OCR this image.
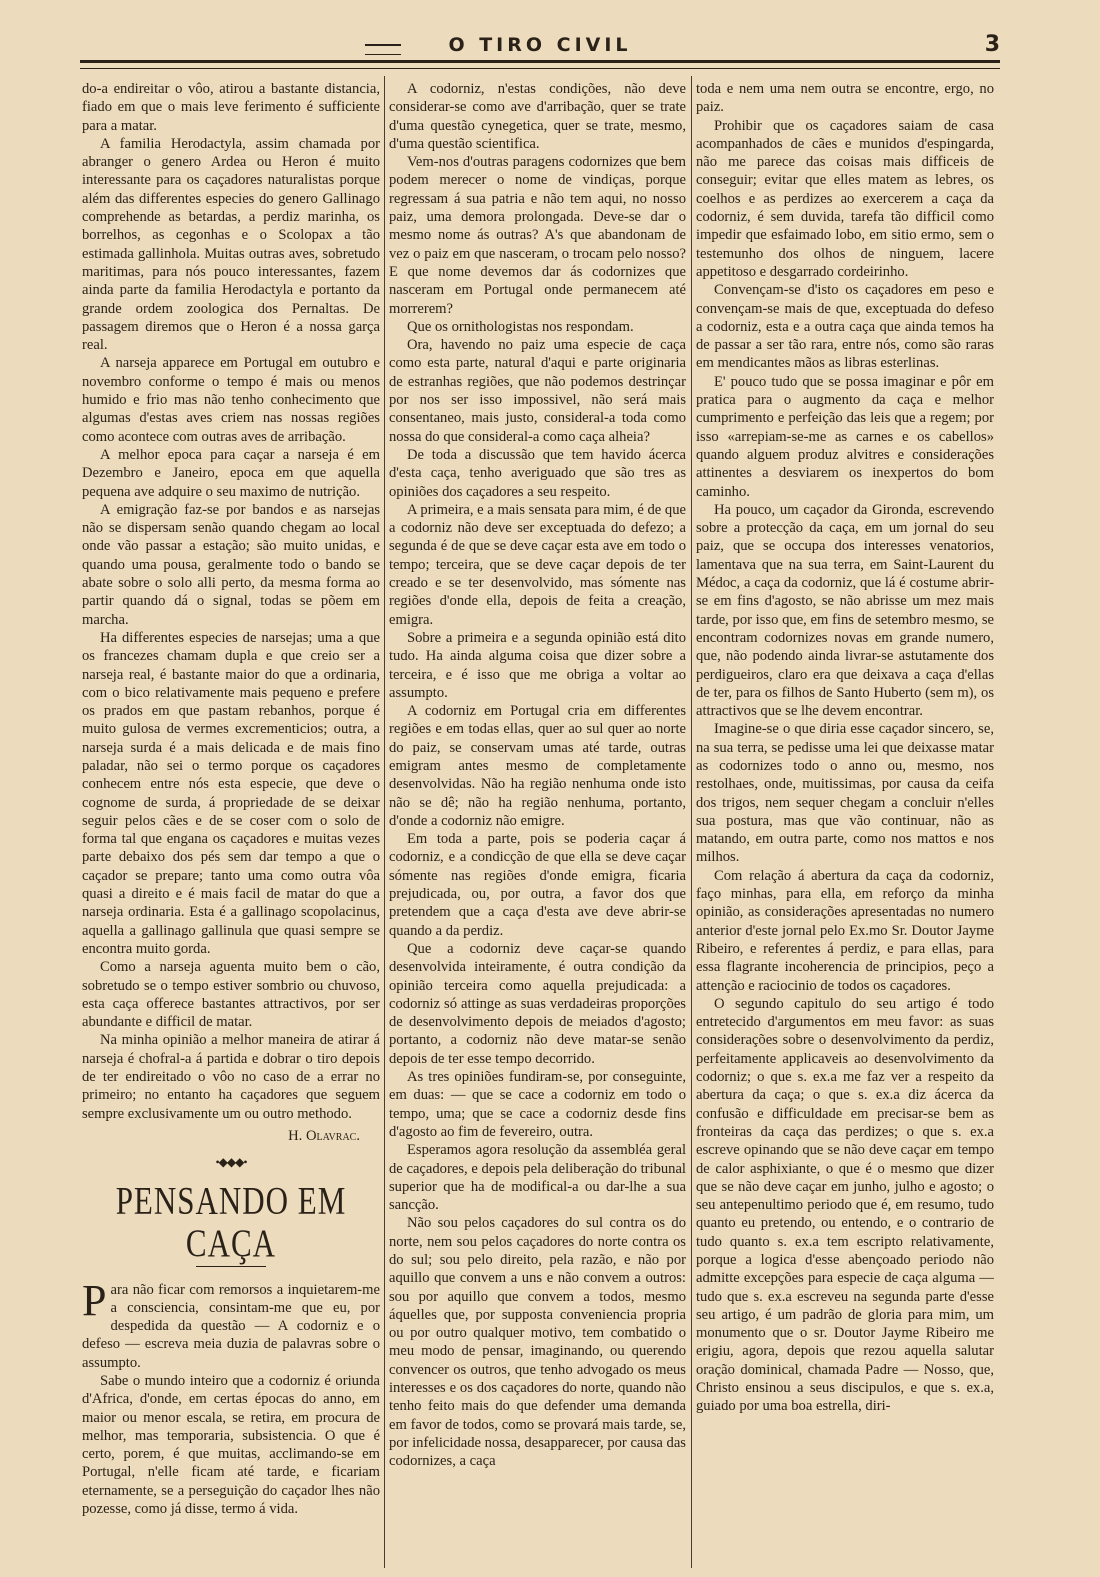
O TIRO CIVIL	3

do-a endireitar o vôo, atirou a bastante distancia, fiado em que o mais leve ferimento é sufficiente para a matar.

A familia Herodactyla, assim chamada por abranger o genero Ardea ou Heron é muito interessante para os caçadores naturalistas porque além das differentes especies do genero Gallinago comprehende as betardas, a perdiz marinha, os borrelhos, as cegonhas e o Scolopax a tão estimada gallinhola. Muitas outras aves, sobretudo maritimas, para nós pouco interessantes, fazem ainda parte da familia Herodactyla e portanto da grande ordem zoologica dos Pernaltas. De passagem diremos que o Heron é a nossa garça real.

A narseja apparece em Portugal em outubro e novembro conforme o tempo é mais ou menos humido e frio mas não tenho conhecimento que algumas d'estas aves criem nas nossas regiões como acontece com outras aves de arribação.

A melhor epoca para caçar a narseja é em Dezembro e Janeiro, epoca em que aquella pequena ave adquire o seu maximo de nutrição.

A emigração faz-se por bandos e as narsejas não se dispersam senão quando chegam ao local onde vão passar a estação; são muito unidas, e quando uma pousa, geralmente todo o bando se abate sobre o solo alli perto, da mesma forma ao partir quando dá o signal, todas se põem em marcha.

Ha differentes especies de narsejas; uma a que os francezes chamam dupla e que creio ser a narseja real, é bastante maior do que a ordinaria, com o bico relativamente mais pequeno e prefere os prados em que pastam rebanhos, porque é muito gulosa de vermes excrementicios; outra, a narseja surda é a mais delicada e de mais fino paladar, não sei o termo porque os caçadores conhecem entre nós esta especie, que deve o cognome de surda, á propriedade de se deixar seguir pelos cães e de se coser com o solo de forma tal que engana os caçadores e muitas vezes parte debaixo dos pés sem dar tempo a que o caçador se prepare; tanto uma como outra vôa quasi a direito e é mais facil de matar do que a narseja ordinaria. Esta é a gallinago scopolacinus, aquella a gallinago gallinula que quasi sempre se encontra muito gorda.

Como a narseja aguenta muito bem o cão, sobretudo se o tempo estiver sombrio ou chuvoso, esta caça offerece bastantes attractivos, por ser abundante e difficil de matar.

Na minha opinião a melhor maneira de atirar á narseja é chofral-a á partida e dobrar o tiro depois de ter endireitado o vôo no caso de a errar no primeiro; no entanto ha caçadores que seguem sempre exclusivamente um ou outro methodo.

H. Olavrac.

•◆◆◆•
PENSANDO EM CAÇA

Para não ficar com remorsos a inquietarem-me a consciencia, consintam-me que eu, por despedida da questão — A codorniz e o defeso — escreva meia duzia de palavras sobre o assumpto.

Sabe o mundo inteiro que a codorniz é oriunda d'Africa, d'onde, em certas épocas do anno, em maior ou menor escala, se retira, em procura de melhor, mas temporaria, subsistencia. O que é certo, porem, é que muitas, acclimando-se em Portugal, n'elle ficam até tarde, e ficariam eternamente, se a perseguição do caçador lhes não pozesse, como já disse, termo á vida.

A codorniz, n'estas condições, não deve considerar-se como ave d'arribação, quer se trate d'uma questão cynegetica, quer se trate, mesmo, d'uma questão scientifica.

Vem-nos d'outras paragens codornizes que bem podem merecer o nome de vindiças, porque regressam á sua patria e não tem aqui, no nosso paiz, uma demora prolongada. Deve-se dar o mesmo nome ás outras? A's que abandonam de vez o paiz em que nasceram, o trocam pelo nosso? E que nome devemos dar ás codornizes que nasceram em Portugal onde permanecem até morrerem?

Que os ornithologistas nos respondam.

Ora, havendo no paiz uma especie de caça como esta parte, natural d'aqui e parte originaria de estranhas regiões, que não podemos destrinçar por nos ser isso impossivel, não será mais consentaneo, mais justo, consideral-a toda como nossa do que consideral-a como caça alheia?

De toda a discussão que tem havido ácerca d'esta caça, tenho averiguado que são tres as opiniões dos caçadores a seu respeito.

A primeira, e a mais sensata para mim, é de que a codorniz não deve ser exceptuada do defezo; a segunda é de que se deve caçar esta ave em todo o tempo; terceira, que se deve caçar depois de ter creado e se ter desenvolvido, mas sómente nas regiões d'onde ella, depois de feita a creação, emigra.

Sobre a primeira e a segunda opinião está dito tudo. Ha ainda alguma coisa que dizer sobre a terceira, e é isso que me obriga a voltar ao assumpto.

A codorniz em Portugal cria em differentes regiões e em todas ellas, quer ao sul quer ao norte do paiz, se conservam umas até tarde, outras emigram antes mesmo de completamente desenvolvidas. Não ha região nenhuma onde isto não se dê; não ha região nenhuma, portanto, d'onde a codorniz não emigre.

Em toda a parte, pois se poderia caçar á codorniz, e a condicção de que ella se deve caçar sómente nas regiões d'onde emigra, ficaria prejudicada, ou, por outra, a favor dos que pretendem que a caça d'esta ave deve abrir-se quando a da perdiz.

Que a codorniz deve caçar-se quando desenvolvida inteiramente, é outra condição da opinião terceira como aquella prejudicada: a codorniz só attinge as suas verdadeiras proporções de desenvolvimento depois de meiados d'agosto; portanto, a codorniz não deve matar-se senão depois de ter esse tempo decorrido.

As tres opiniões fundiram-se, por conseguinte, em duas: — que se cace a codorniz em todo o tempo, uma; que se cace a codorniz desde fins d'agosto ao fim de fevereiro, outra.

Esperamos agora resolução da assembléa geral de caçadores, e depois pela deliberação do tribunal superior que ha de modifical-a ou dar-lhe a sua sancção.

Não sou pelos caçadores do sul contra os do norte, nem sou pelos caçadores do norte contra os do sul; sou pelo direito, pela razão, e não por aquillo que convem a uns e não convem a outros: sou por aquillo que convem a todos, mesmo áquelles que, por supposta conveniencia propria ou por outro qualquer motivo, tem combatido o meu modo de pensar, imaginando, ou querendo convencer os outros, que tenho advogado os meus interesses e os dos caçadores do norte, quando não tenho feito mais do que defender uma demanda em favor de todos, como se provará mais tarde, se, por infelicidade nossa, desapparecer, por causa das codornizes, a caça

toda e nem uma nem outra se encontre, ergo, no paiz.

Prohibir que os caçadores saiam de casa acompanhados de cães e munidos d'espingarda, não me parece das coisas mais difficeis de conseguir; evitar que elles matem as lebres, os coelhos e as perdizes ao exercerem a caça da codorniz, é sem duvida, tarefa tão difficil como impedir que esfaimado lobo, em sitio ermo, sem o testemunho dos olhos de ninguem, lacere appetitoso e desgarrado cordeirinho.

Convençam-se d'isto os caçadores em peso e convençam-se mais de que, exceptuada do defeso a codorniz, esta e a outra caça que ainda temos ha de passar a ser tão rara, entre nós, como são raras em mendicantes mãos as libras esterlinas.

E' pouco tudo que se possa imaginar e pôr em pratica para o augmento da caça e melhor cumprimento e perfeição das leis que a regem; por isso «arrepiam-se-me as carnes e os cabellos» quando alguem produz alvitres e considerações attinentes a desviarem os inexpertos do bom caminho.

Ha pouco, um caçador da Gironda, escrevendo sobre a protecção da caça, em um jornal do seu paiz, que se occupa dos interesses venatorios, lamentava que na sua terra, em Saint-Laurent du Médoc, a caça da codorniz, que lá é costume abrir-se em fins d'agosto, se não abrisse um mez mais tarde, por isso que, em fins de setembro mesmo, se encontram codornizes novas em grande numero, que, não podendo ainda livrar-se astutamente dos perdigueiros, claro era que deixava a caça d'ellas de ter, para os filhos de Santo Huberto (sem m), os attractivos que se lhe devem encontrar.

Imagine-se o que diria esse caçador sincero, se, na sua terra, se pedisse uma lei que deixasse matar as codornizes todo o anno ou, mesmo, nos restolhaes, onde, muitissimas, por causa da ceifa dos trigos, nem sequer chegam a concluir n'elles sua postura, mas que vão continuar, não as matando, em outra parte, como nos mattos e nos milhos.

Com relação á abertura da caça da codorniz, faço minhas, para ella, em reforço da minha opinião, as considerações apresentadas no numero anterior d'este jornal pelo Ex.mo Sr. Doutor Jayme Ribeiro, e referentes á perdiz, e para ellas, para essa flagrante incoherencia de principios, peço a attenção e raciocinio de todos os caçadores.

O segundo capitulo do seu artigo é todo entretecido d'argumentos em meu favor: as suas considerações sobre o desenvolvimento da perdiz, perfeitamente applicaveis ao desenvolvimento da codorniz; o que s. ex.a me faz ver a respeito da abertura da caça; o que s. ex.a diz ácerca da confusão e difficuldade em precisar-se bem as fronteiras da caça das perdizes; o que s. ex.a escreve opinando que se não deve caçar em tempo de calor asphixiante, o que é o mesmo que dizer que se não deve caçar em junho, julho e agosto; o seu antepenultimo periodo que é, em resumo, tudo quanto eu pretendo, ou entendo, e o contrario de tudo quanto s. ex.a tem escripto relativamente, porque a logica d'esse abençoado periodo não admitte excepções para especie de caça alguma — tudo que s. ex.a escreveu na segunda parte d'esse seu artigo, é um padrão de gloria para mim, um monumento que o sr. Doutor Jayme Ribeiro me erigiu, agora, depois que rezou aquella salutar oração dominical, chamada Padre — Nosso, que, Christo ensinou a seus discipulos, e que s. ex.a, guiado por uma boa estrella, diri-
